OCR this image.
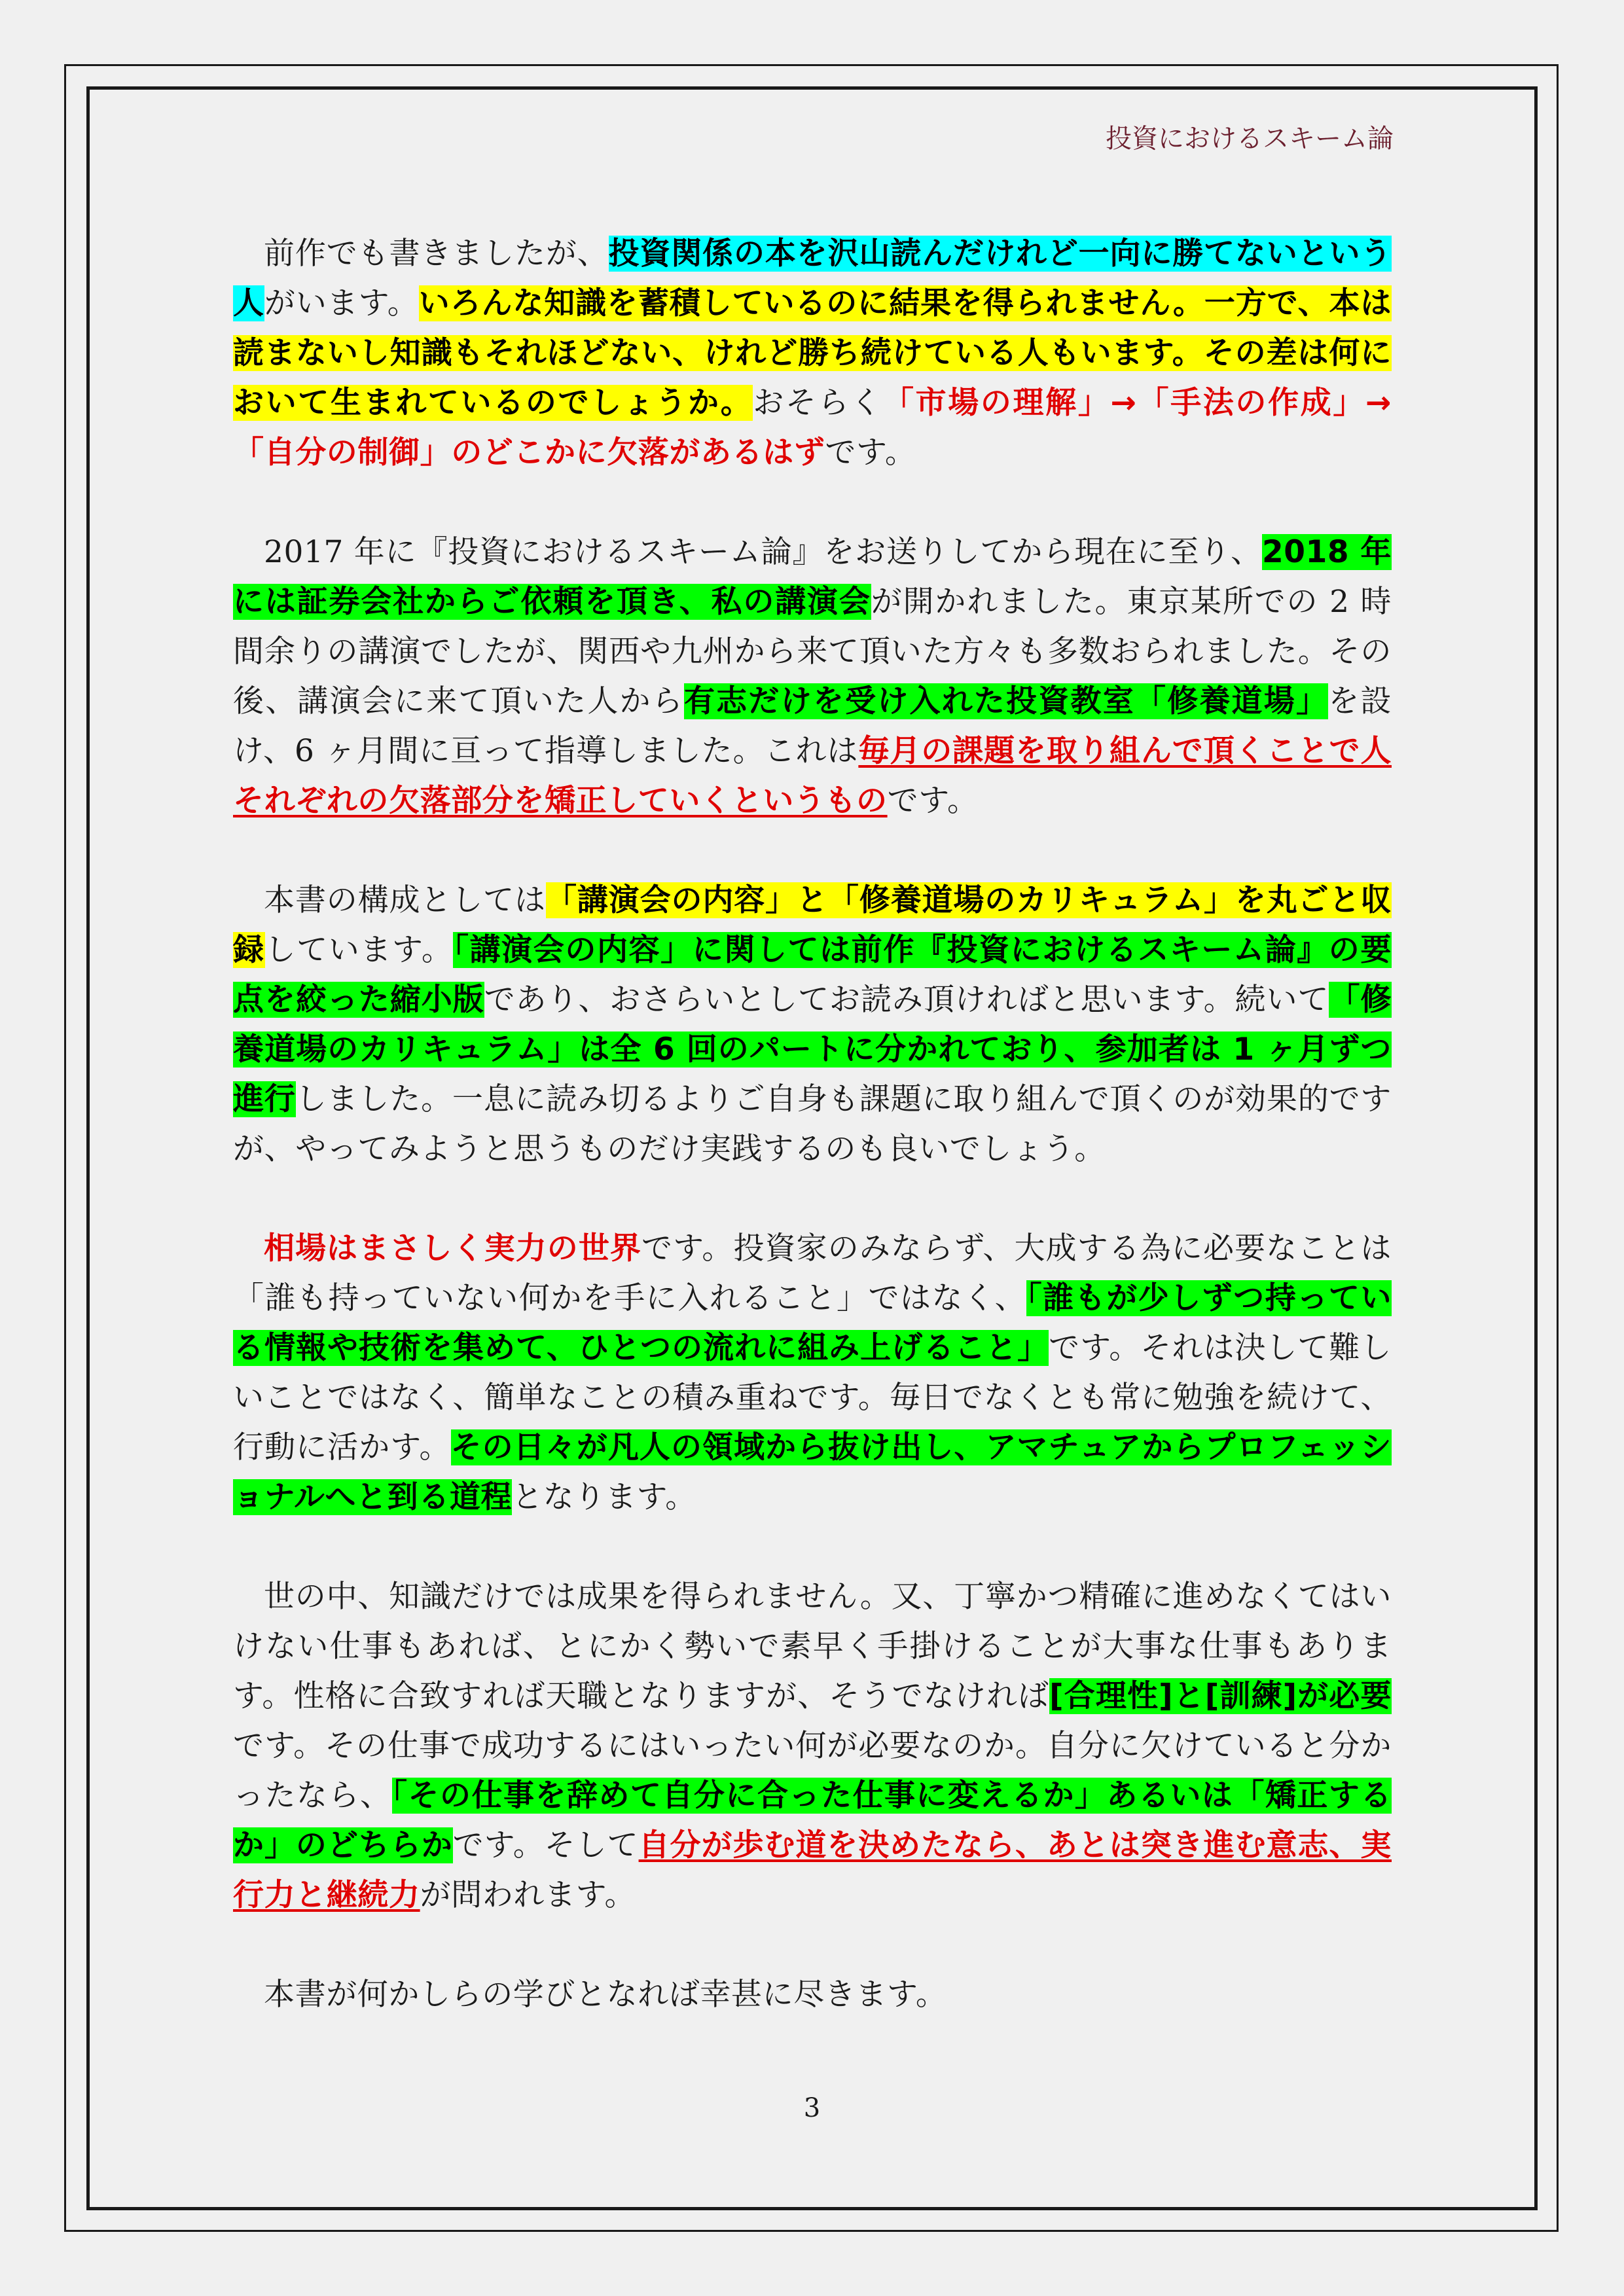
投資におけるスキーム論

前作でも書きましたが、投資関係の本を沢山読んだけれど一向に勝てないという人がいます。いろんな知識を蓄積しているのに結果を得られません。一方で、本は読まないし知識もそれほどない、けれど勝ち続けている人もいます。その差は何において生まれているのでしょうか。おそらく「市場の理解」→「手法の作成」→「自分の制御」のどこかに欠落があるはずです。

2017 年に『投資におけるスキーム論』をお送りしてから現在に至り、2018 年には証券会社からご依頼を頂き、私の講演会が開かれました。東京某所での 2 時間余りの講演でしたが、関西や九州から来て頂いた方々も多数おられました。その後、講演会に来て頂いた人から有志だけを受け入れた投資教室「修養道場」を設け、6 ヶ月間に亘って指導しました。これは毎月の課題を取り組んで頂くことで人それぞれの欠落部分を矯正していくというものです。

本書の構成としては「講演会の内容」と「修養道場のカリキュラム」を丸ごと収録しています。「講演会の内容」に関しては前作『投資におけるスキーム論』の要点を絞った縮小版であり、おさらいとしてお読み頂ければと思います。続いて「修養道場のカリキュラム」は全 6 回のパートに分かれており、参加者は 1 ヶ月ずつ進行しました。一息に読み切るよりご自身も課題に取り組んで頂くのが効果的ですが、やってみようと思うものだけ実践するのも良いでしょう。

相場はまさしく実力の世界です。投資家のみならず、大成する為に必要なことは「誰も持っていない何かを手に入れること」ではなく、「誰もが少しずつ持っている情報や技術を集めて、ひとつの流れに組み上げること」です。それは決して難しいことではなく、簡単なことの積み重ねです。毎日でなくとも常に勉強を続けて、行動に活かす。その日々が凡人の領域から抜け出し、アマチュアからプロフェッショナルへと到る道程となります。

世の中、知識だけでは成果を得られません。又、丁寧かつ精確に進めなくてはいけない仕事もあれば、とにかく勢いで素早く手掛けることが大事な仕事もあります。性格に合致すれば天職となりますが、そうでなければ[合理性]と[訓練]が必要です。その仕事で成功するにはいったい何が必要なのか。自分に欠けていると分かったなら、「その仕事を辞めて自分に合った仕事に変えるか」あるいは「矯正するか」のどちらかです。そして自分が歩む道を決めたなら、あとは突き進む意志、実行力と継続力が問われます。

本書が何かしらの学びとなれば幸甚に尽きます。

3
